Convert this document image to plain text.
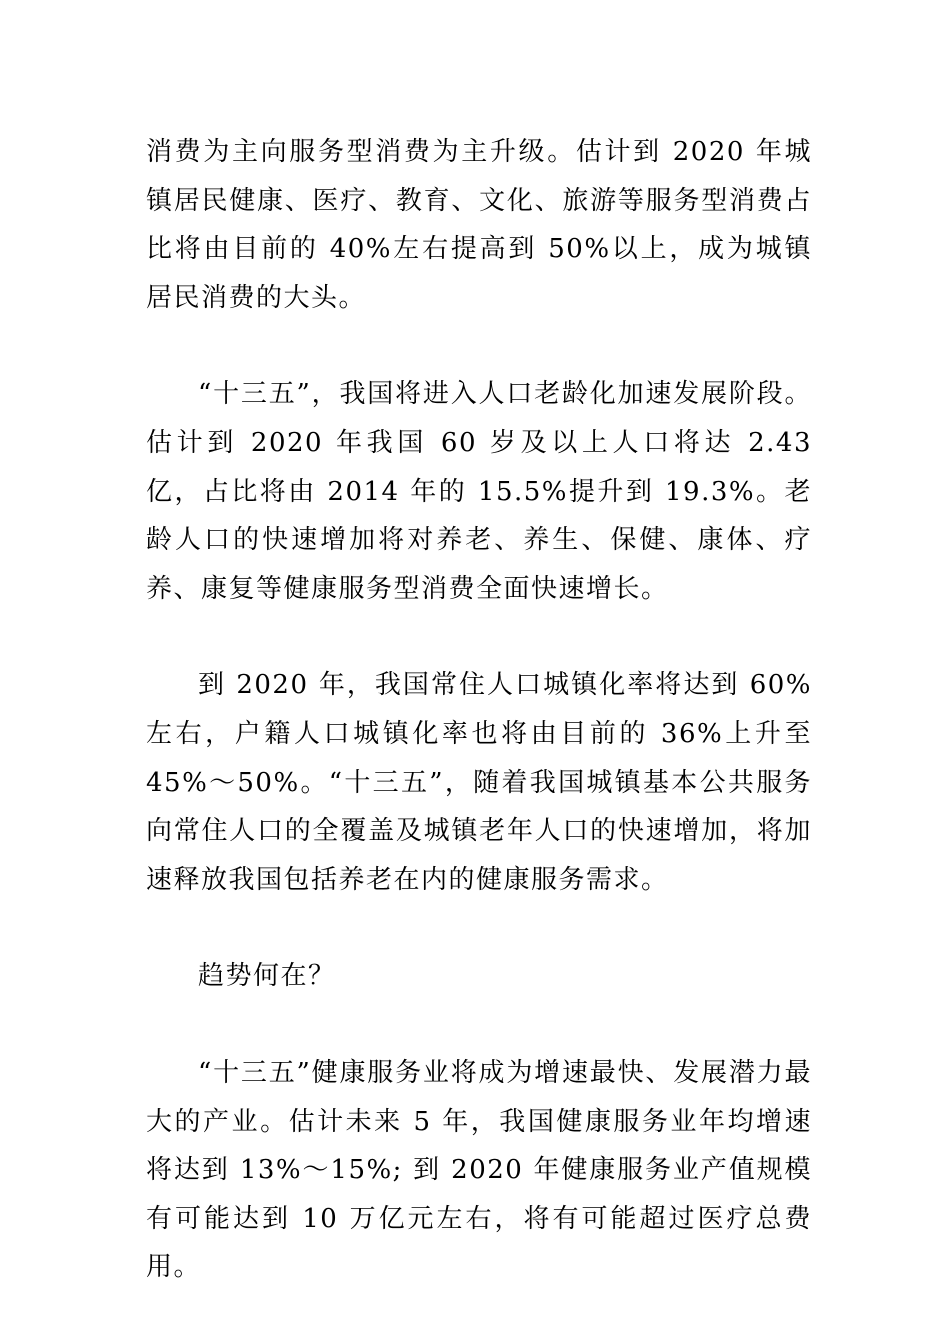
消费为主向服务型消费为主升级。估计到 2020 年城镇居民健康、医疗、教育、文化、旅游等服务型消费占比将由目前的 40%左右提高到 50%以上，成为城镇居民消费的大头。

“十三五”，我国将进入人口老龄化加速发展阶段。估计到 2020 年我国 60 岁及以上人口将达 2.43 亿，占比将由 2014 年的 15.5%提升到 19.3%。老龄人口的快速增加将对养老、养生、保健、康体、疗养、康复等健康服务型消费全面快速增长。

到 2020 年，我国常住人口城镇化率将达到 60%左右，户籍人口城镇化率也将由目前的 36%上升至 45%～50%。“十三五”，随着我国城镇基本公共服务向常住人口的全覆盖及城镇老年人口的快速增加，将加速释放我国包括养老在内的健康服务需求。

趋势何在？

“十三五”健康服务业将成为增速最快、发展潜力最大的产业。估计未来 5 年，我国健康服务业年均增速将达到 13%～15%; 到 2020 年健康服务业产值规模有可能达到 10 万亿元左右，将有可能超过医疗总费用。
